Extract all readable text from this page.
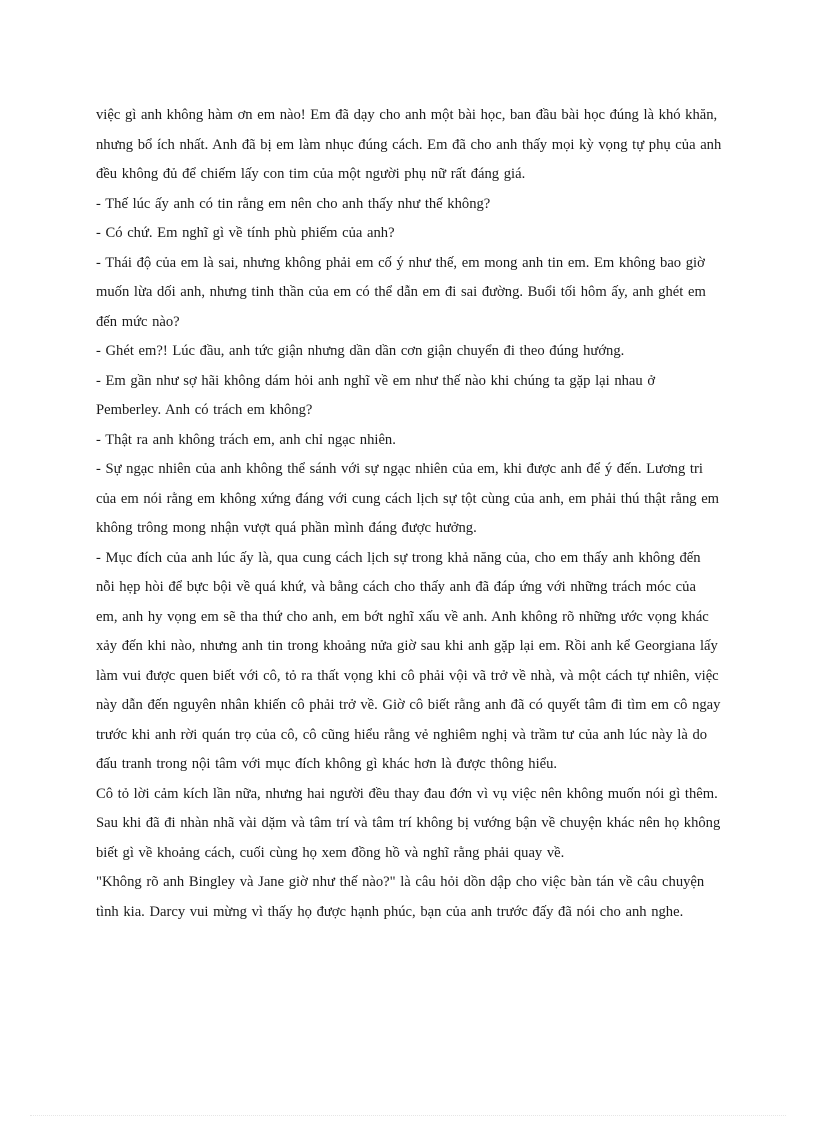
việc gì anh không hàm ơn em nào! Em đã dạy cho anh một bài học, ban đầu bài học đúng là khó khăn, nhưng bổ ích nhất. Anh đã bị em làm nhục đúng cách. Em đã cho anh thấy mọi kỳ vọng tự phụ của anh đều không đủ để chiếm lấy con tim của một người phụ nữ rất đáng giá.

- Thế lúc ấy anh có tin rằng em nên cho anh thấy như thế không?

- Có chứ. Em nghĩ gì về tính phù phiếm của anh?

- Thái độ của em là sai, nhưng không phải em cố ý như thế, em mong anh tin em. Em không bao giờ muốn lừa dối anh, nhưng tinh thần của em có thể dẫn em đi sai đường. Buổi tối hôm ấy, anh ghét em đến mức nào?

- Ghét em?! Lúc đầu, anh tức giận nhưng dần dần cơn giận chuyển đi theo đúng hướng.

- Em gần như sợ hãi không dám hỏi anh nghĩ về em như thế nào khi chúng ta gặp lại nhau ở Pemberley. Anh có trách em không?

- Thật ra anh không trách em, anh chỉ ngạc nhiên.

- Sự ngạc nhiên của anh không thể sánh với sự ngạc nhiên của em, khi được anh để ý đến. Lương tri của em nói rằng em không xứng đáng với cung cách lịch sự tột cùng của anh, em phải thú thật rằng em không trông mong nhận vượt quá phần mình đáng được hưởng.

- Mục đích của anh lúc ấy là, qua cung cách lịch sự trong khả năng của, cho em thấy anh không đến nỗi hẹp hòi để bực bội về quá khứ, và bằng cách cho thấy anh đã đáp ứng với những trách móc của em, anh hy vọng em sẽ tha thứ cho anh, em bớt nghĩ xấu về anh. Anh không rõ những ước vọng khác xảy đến khi nào, nhưng anh tin trong khoảng nửa giờ sau khi anh gặp lại em. Rồi anh kể Georgiana lấy làm vui được quen biết với cô, tỏ ra thất vọng khi cô phải vội vã trở về nhà, và một cách tự nhiên, việc này dẫn đến nguyên nhân khiến cô phải trở về. Giờ cô biết rằng anh đã có quyết tâm đi tìm em cô ngay trước khi anh rời quán trọ của cô, cô cũng hiểu rằng vẻ nghiêm nghị và trầm tư của anh lúc này là do đấu tranh trong nội tâm với mục đích không gì khác hơn là được thông hiểu.

Cô tỏ lời cảm kích lần nữa, nhưng hai người đều thay đau đớn vì vụ việc nên không muốn nói gì thêm.

Sau khi đã đi nhàn nhã vài dặm và tâm trí và tâm trí không bị vướng bận về chuyện khác nên họ không biết gì về khoảng cách, cuối cùng họ xem đồng hồ và nghĩ rằng phải quay về.

"Không rõ anh Bingley và Jane giờ như thế nào?" là câu hỏi dồn dập cho việc bàn tán về câu chuyện tình kia. Darcy vui mừng vì thấy họ được hạnh phúc, bạn của anh trước đấy đã nói cho anh nghe.
